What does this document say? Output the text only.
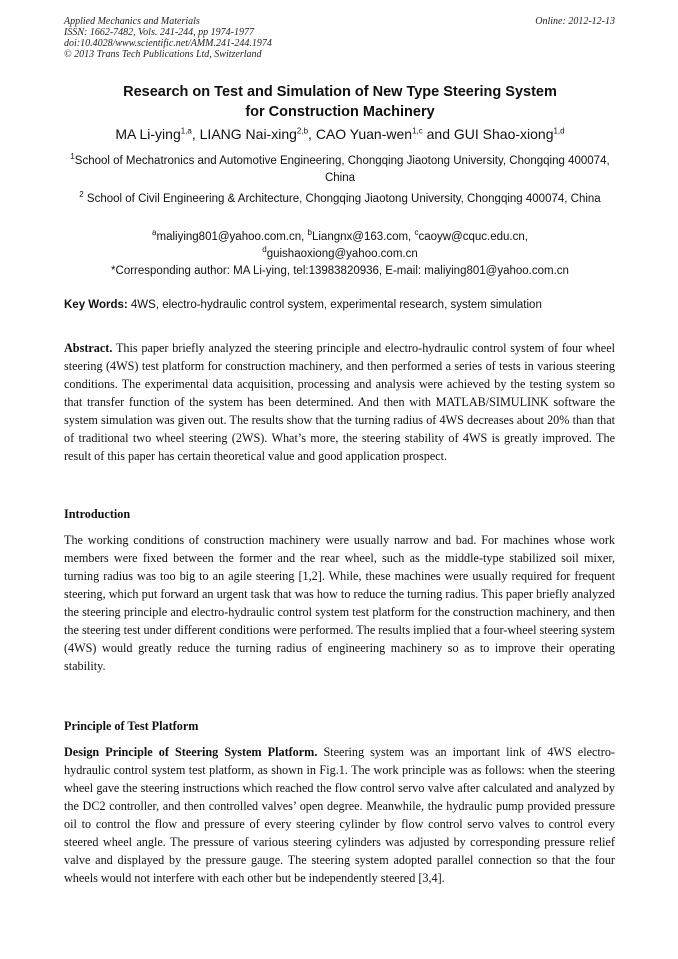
Applied Mechanics and Materials
ISSN: 1662-7482, Vols. 241-244, pp 1974-1977
doi:10.4028/www.scientific.net/AMM.241-244.1974
© 2013 Trans Tech Publications Ltd, Switzerland
Online: 2012-12-13
Research on Test and Simulation of New Type Steering System
for Construction Machinery
MA Li-ying$^{1,a}$, LIANG Nai-xing$^{2,b}$, CAO Yuan-wen$^{1,c}$ and GUI Shao-xiong$^{1,d}$
$^1$School of Mechatronics and Automotive Engineering, Chongqing Jiaotong University, Chongqing 400074, China
$^2$ School of Civil Engineering & Architecture, Chongqing Jiaotong University, Chongqing 400074, China
$^a$maliying801@yahoo.com.cn, $^b$Liangnx@163.com, $^c$caoyw@cquc.edu.cn,
$^d$guishaoxiong@yahoo.com.cn
*Corresponding author: MA Li-ying, tel:13983820936, E-mail: maliying801@yahoo.com.cn
Key Words: 4WS, electro-hydraulic control system, experimental research, system simulation
Abstract. This paper briefly analyzed the steering principle and electro-hydraulic control system of four wheel steering (4WS) test platform for construction machinery, and then performed a series of tests in various steering conditions. The experimental data acquisition, processing and analysis were achieved by the testing system so that transfer function of the system has been determined. And then with MATLAB/SIMULINK software the system simulation was given out. The results show that the turning radius of 4WS decreases about 20% than that of traditional two wheel steering (2WS). What’s more, the steering stability of 4WS is greatly improved. The result of this paper has certain theoretical value and good application prospect.
Introduction
The working conditions of construction machinery were usually narrow and bad. For machines whose work members were fixed between the former and the rear wheel, such as the middle-type stabilized soil mixer, turning radius was too big to an agile steering [1,2]. While, these machines were usually required for frequent steering, which put forward an urgent task that was how to reduce the turning radius. This paper briefly analyzed the steering principle and electro-hydraulic control system test platform for the construction machinery, and then the steering test under different conditions were performed. The results implied that a four-wheel steering system (4WS) would greatly reduce the turning radius of engineering machinery so as to improve their operating stability.
Principle of Test Platform
Design Principle of Steering System Platform. Steering system was an important link of 4WS electro-hydraulic control system test platform, as shown in Fig.1. The work principle was as follows: when the steering wheel gave the steering instructions which reached the flow control servo valve after calculated and analyzed by the DC2 controller, and then controlled valves’ open degree. Meanwhile, the hydraulic pump provided pressure oil to control the flow and pressure of every steering cylinder by flow control servo valves to control every steered wheel angle. The pressure of various steering cylinders was adjusted by corresponding pressure relief valve and displayed by the pressure gauge. The steering system adopted parallel connection so that the four wheels would not interfere with each other but be independently steered [3,4].
